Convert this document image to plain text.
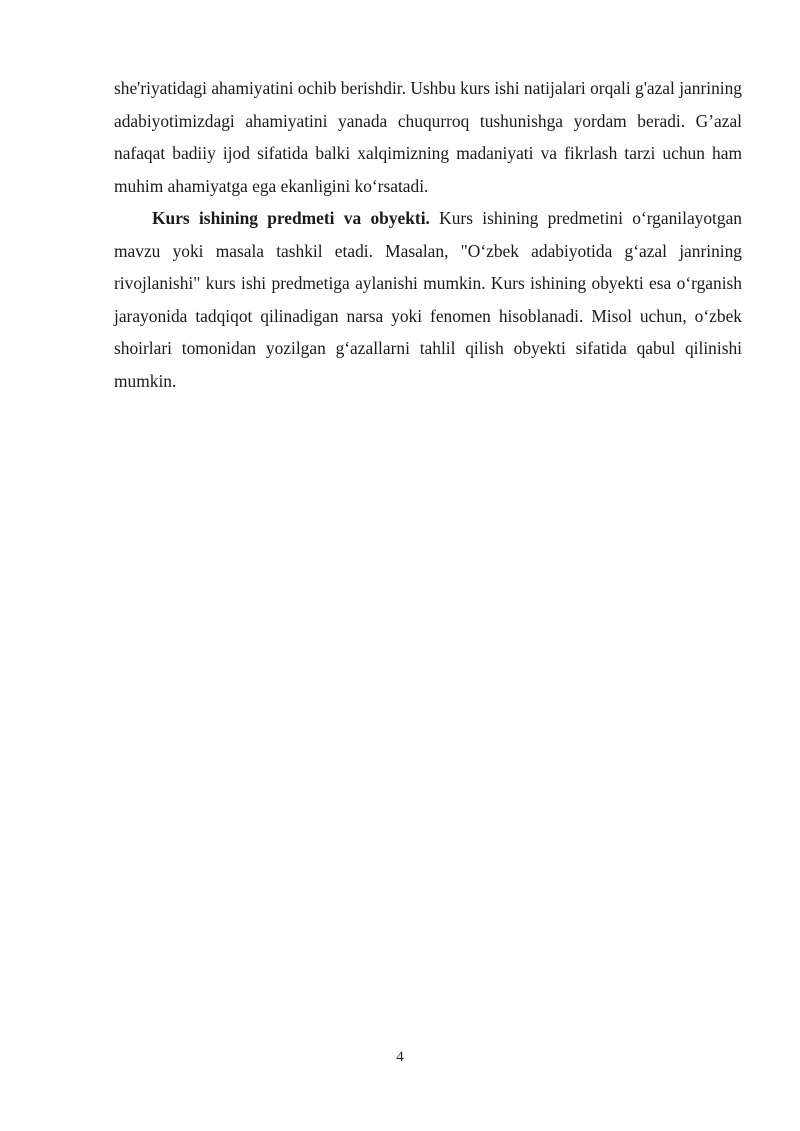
she'riyatidagi ahamiyatini ochib berishdir. Ushbu kurs ishi natijalari orqali g'azal janrining adabiyotimizdagi ahamiyatini yanada chuqurroq tushunishga yordam beradi. G’azal nafaqat badiiy ijod sifatida balki xalqimizning madaniyati va fikrlash tarzi uchun ham muhim ahamiyatga ega ekanligini koʻrsatadi.

Kurs ishining predmeti va obyekti. Kurs ishining predmetini oʻrganilayotgan mavzu yoki masala tashkil etadi. Masalan, "Oʻzbek adabiyotida gʻazal janrining rivojlanishi" kurs ishi predmetiga aylanishi mumkin. Kurs ishining obyekti esa oʻrganish jarayonida tadqiqot qilinadigan narsa yoki fenomen hisoblanadi. Misol uchun, oʻzbek shoirlari tomonidan yozilgan gʻazallarni tahlil qilish obyekti sifatida qabul qilinishi mumkin.

4
